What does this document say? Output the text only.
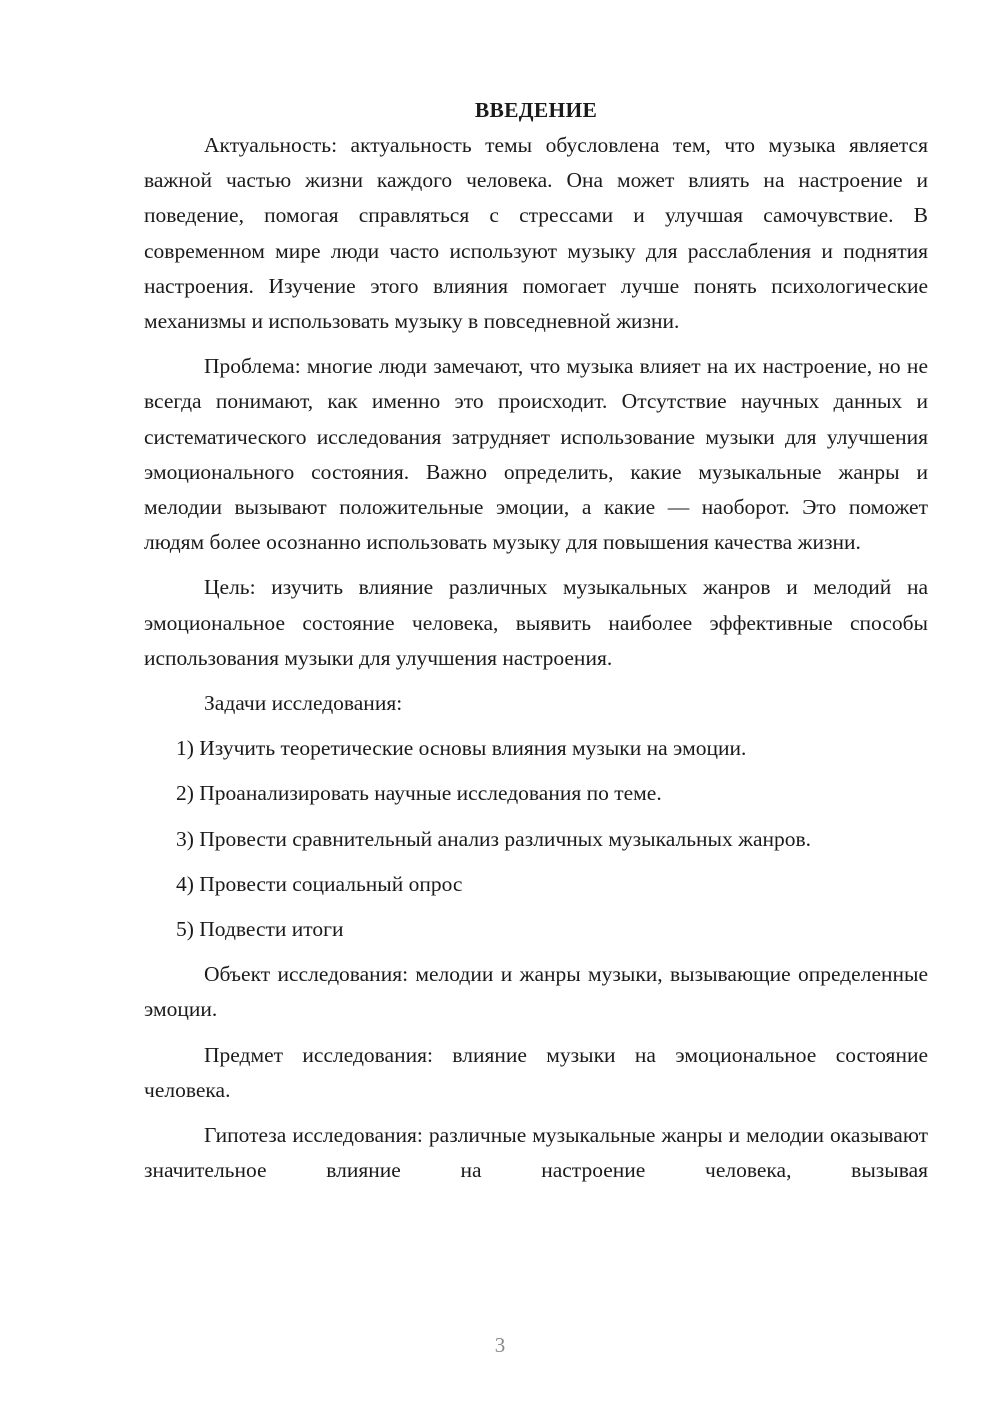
ВВЕДЕНИЕ

Актуальность: актуальность темы обусловлена тем, что музыка является важной частью жизни каждого человека. Она может влиять на настроение и поведение, помогая справляться с стрессами и улучшая самочувствие. В современном мире люди часто используют музыку для расслабления и поднятия настроения. Изучение этого влияния помогает лучше понять психологические механизмы и использовать музыку в повседневной жизни.

Проблема: многие люди замечают, что музыка влияет на их настроение, но не всегда понимают, как именно это происходит. Отсутствие научных данных и систематического исследования затрудняет использование музыки для улучшения эмоционального состояния. Важно определить, какие музыкальные жанры и мелодии вызывают положительные эмоции, а какие — наоборот. Это поможет людям более осознанно использовать музыку для повышения качества жизни.

Цель: изучить влияние различных музыкальных жанров и мелодий на эмоциональное состояние человека, выявить наиболее эффективные способы использования музыки для улучшения настроения.

Задачи исследования:

1) Изучить теоретические основы влияния музыки на эмоции.
2) Проанализировать научные исследования по теме.
3) Провести сравнительный анализ различных музыкальных жанров.
4) Провести социальный опрос
5) Подвести итоги

Объект исследования: мелодии и жанры музыки, вызывающие определенные эмоции.

Предмет исследования: влияние музыки на эмоциональное состояние человека.

Гипотеза исследования: различные музыкальные жанры и мелодии оказывают значительное влияние на настроение человека, вызывая

3
